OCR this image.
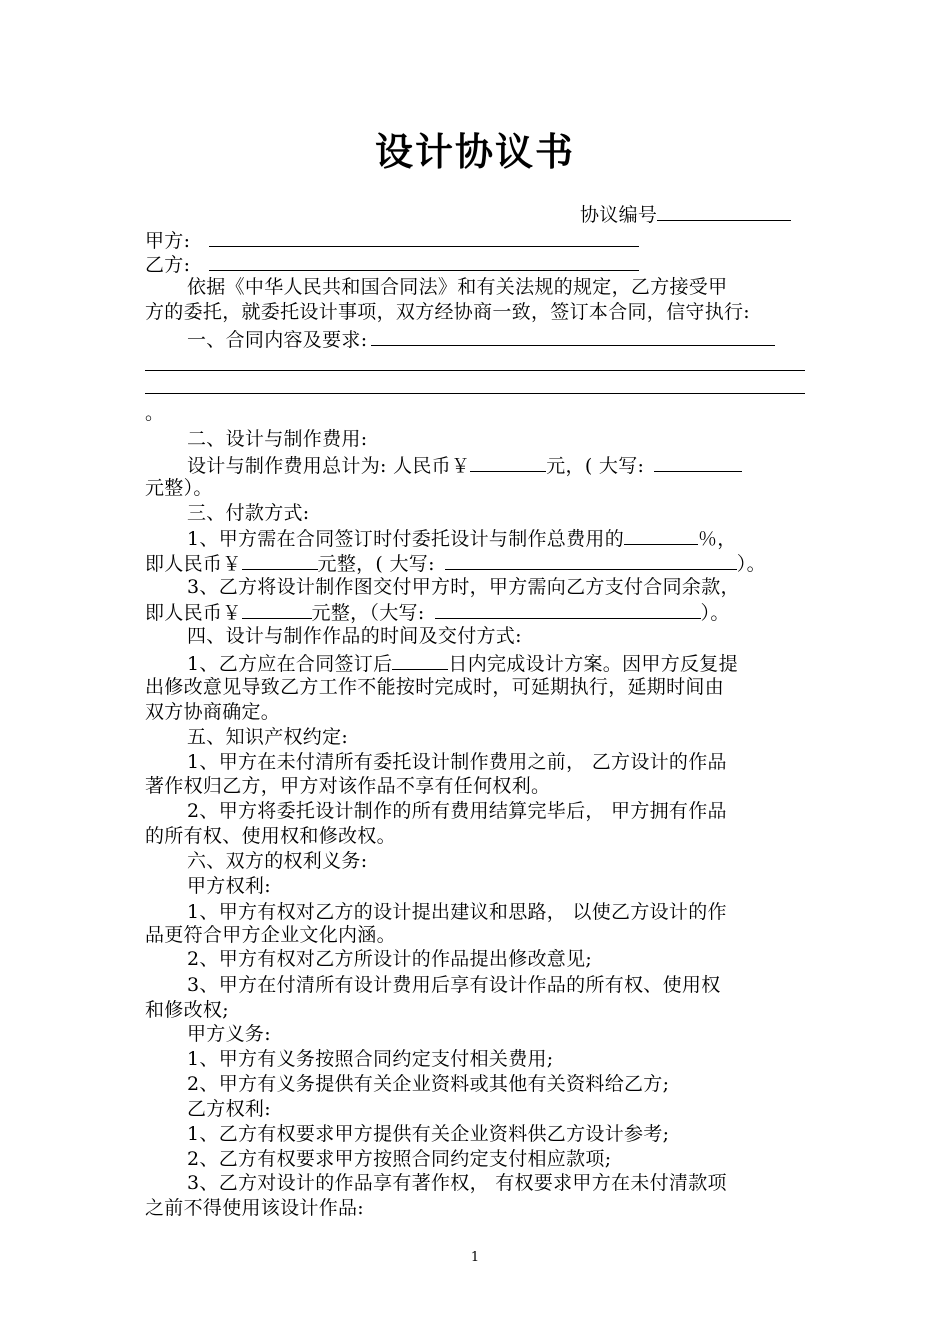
设计协议书
协议编号
甲方:
乙方:
依据《中华人民共和国合同法》和有关法规的规定，乙方接受甲
方的委托，就委托设计事项，双方经协商一致，签订本合同，信守执行:
一、合同内容及要求:
。
二、设计与制作费用:
设计与制作费用总计为: 人民币￥	元，( 大写:
元整）。
三、付款方式:
1、甲方需在合同签订时付委托设计与制作总费用的	％，
即人民币￥	元整，( 大写:	）。
3、乙方将设计制作图交付甲方时，甲方需向乙方支付合同余款，
即人民币￥	元整，（大写:	）。
四、设计与制作作品的时间及交付方式:
1、乙方应在合同签订后	日内完成设计方案。因甲方反复提
出修改意见导致乙方工作不能按时完成时，可延期执行，延期时间由
双方协商确定。
五、知识产权约定:
1、甲方在未付清所有委托设计制作费用之前， 乙方设计的作品
著作权归乙方，甲方对该作品不享有任何权利。
2、甲方将委托设计制作的所有费用结算完毕后， 甲方拥有作品
的所有权、使用权和修改权。
六、双方的权利义务:
甲方权利:
1、甲方有权对乙方的设计提出建议和思路， 以使乙方设计的作
品更符合甲方企业文化内涵。
2、甲方有权对乙方所设计的作品提出修改意见;
3、甲方在付清所有设计费用后享有设计作品的所有权、使用权
和修改权;
甲方义务:
1、甲方有义务按照合同约定支付相关费用;
2、甲方有义务提供有关企业资料或其他有关资料给乙方;
乙方权利:
1、乙方有权要求甲方提供有关企业资料供乙方设计参考;
2、乙方有权要求甲方按照合同约定支付相应款项;
3、乙方对设计的作品享有著作权， 有权要求甲方在未付清款项
之前不得使用该设计作品:
1
